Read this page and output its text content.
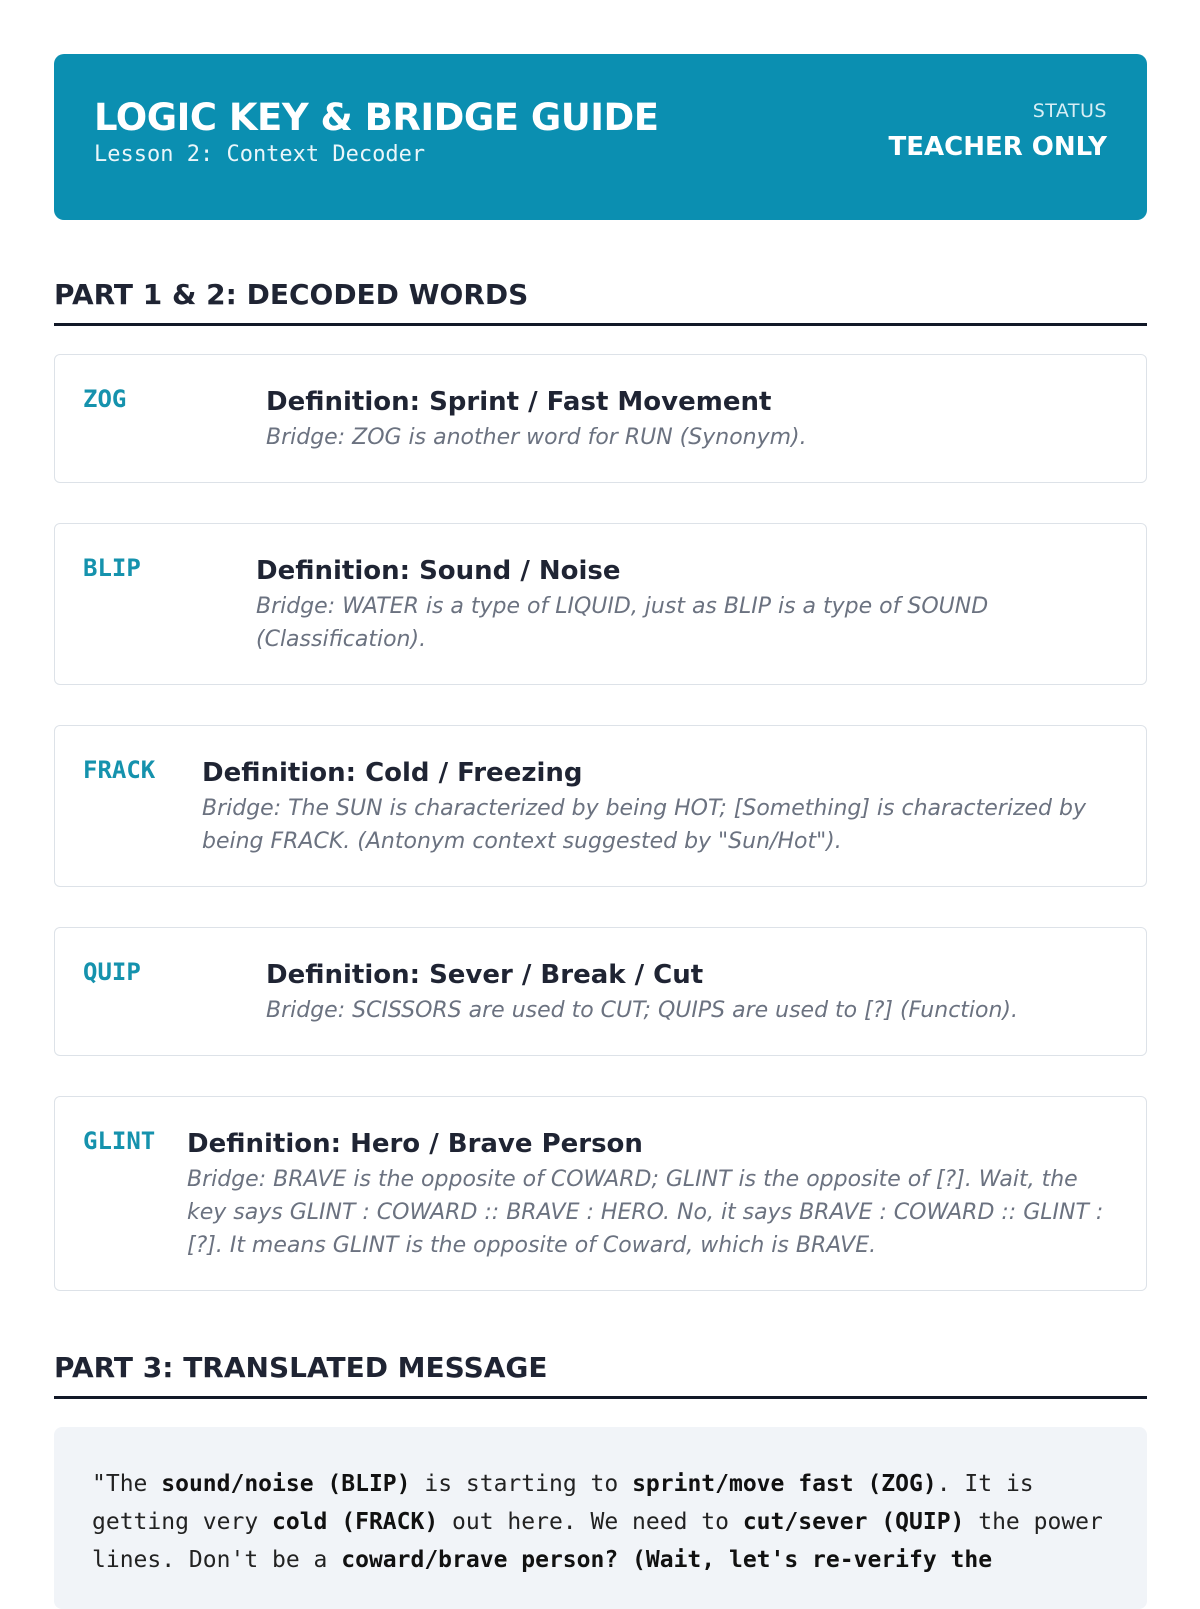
LOGIC KEY & BRIDGE GUIDE
Lesson 2: Context Decoder
STATUS
TEACHER ONLY
PART 1 & 2: DECODED WORDS
ZOG	Definition: Sprint / Fast Movement
Bridge: ZOG is another word for RUN (Synonym).
BLIP	Definition: Sound / Noise
Bridge: WATER is a type of LIQUID, just as BLIP is a type of SOUND (Classification).
FRACK	Definition: Cold / Freezing
Bridge: The SUN is characterized by being HOT; [Something] is characterized by being FRACK. (Antonym context suggested by "Sun/Hot").
QUIP	Definition: Sever / Break / Cut
Bridge: SCISSORS are used to CUT; QUIPS are used to [?] (Function).
GLINT	Definition: Hero / Brave Person
Bridge: BRAVE is the opposite of COWARD; GLINT is the opposite of [?]. Wait, the key says GLINT : COWARD :: BRAVE : HERO. No, it says BRAVE : COWARD :: GLINT : [?]. It means GLINT is the opposite of Coward, which is BRAVE.
PART 3: TRANSLATED MESSAGE
"The sound/noise (BLIP) is starting to sprint/move fast (ZOG). It is getting very cold (FRACK) out here. We need to cut/sever (QUIP) the power lines. Don't be a coward/brave person? (Wait, let's re-verify the
